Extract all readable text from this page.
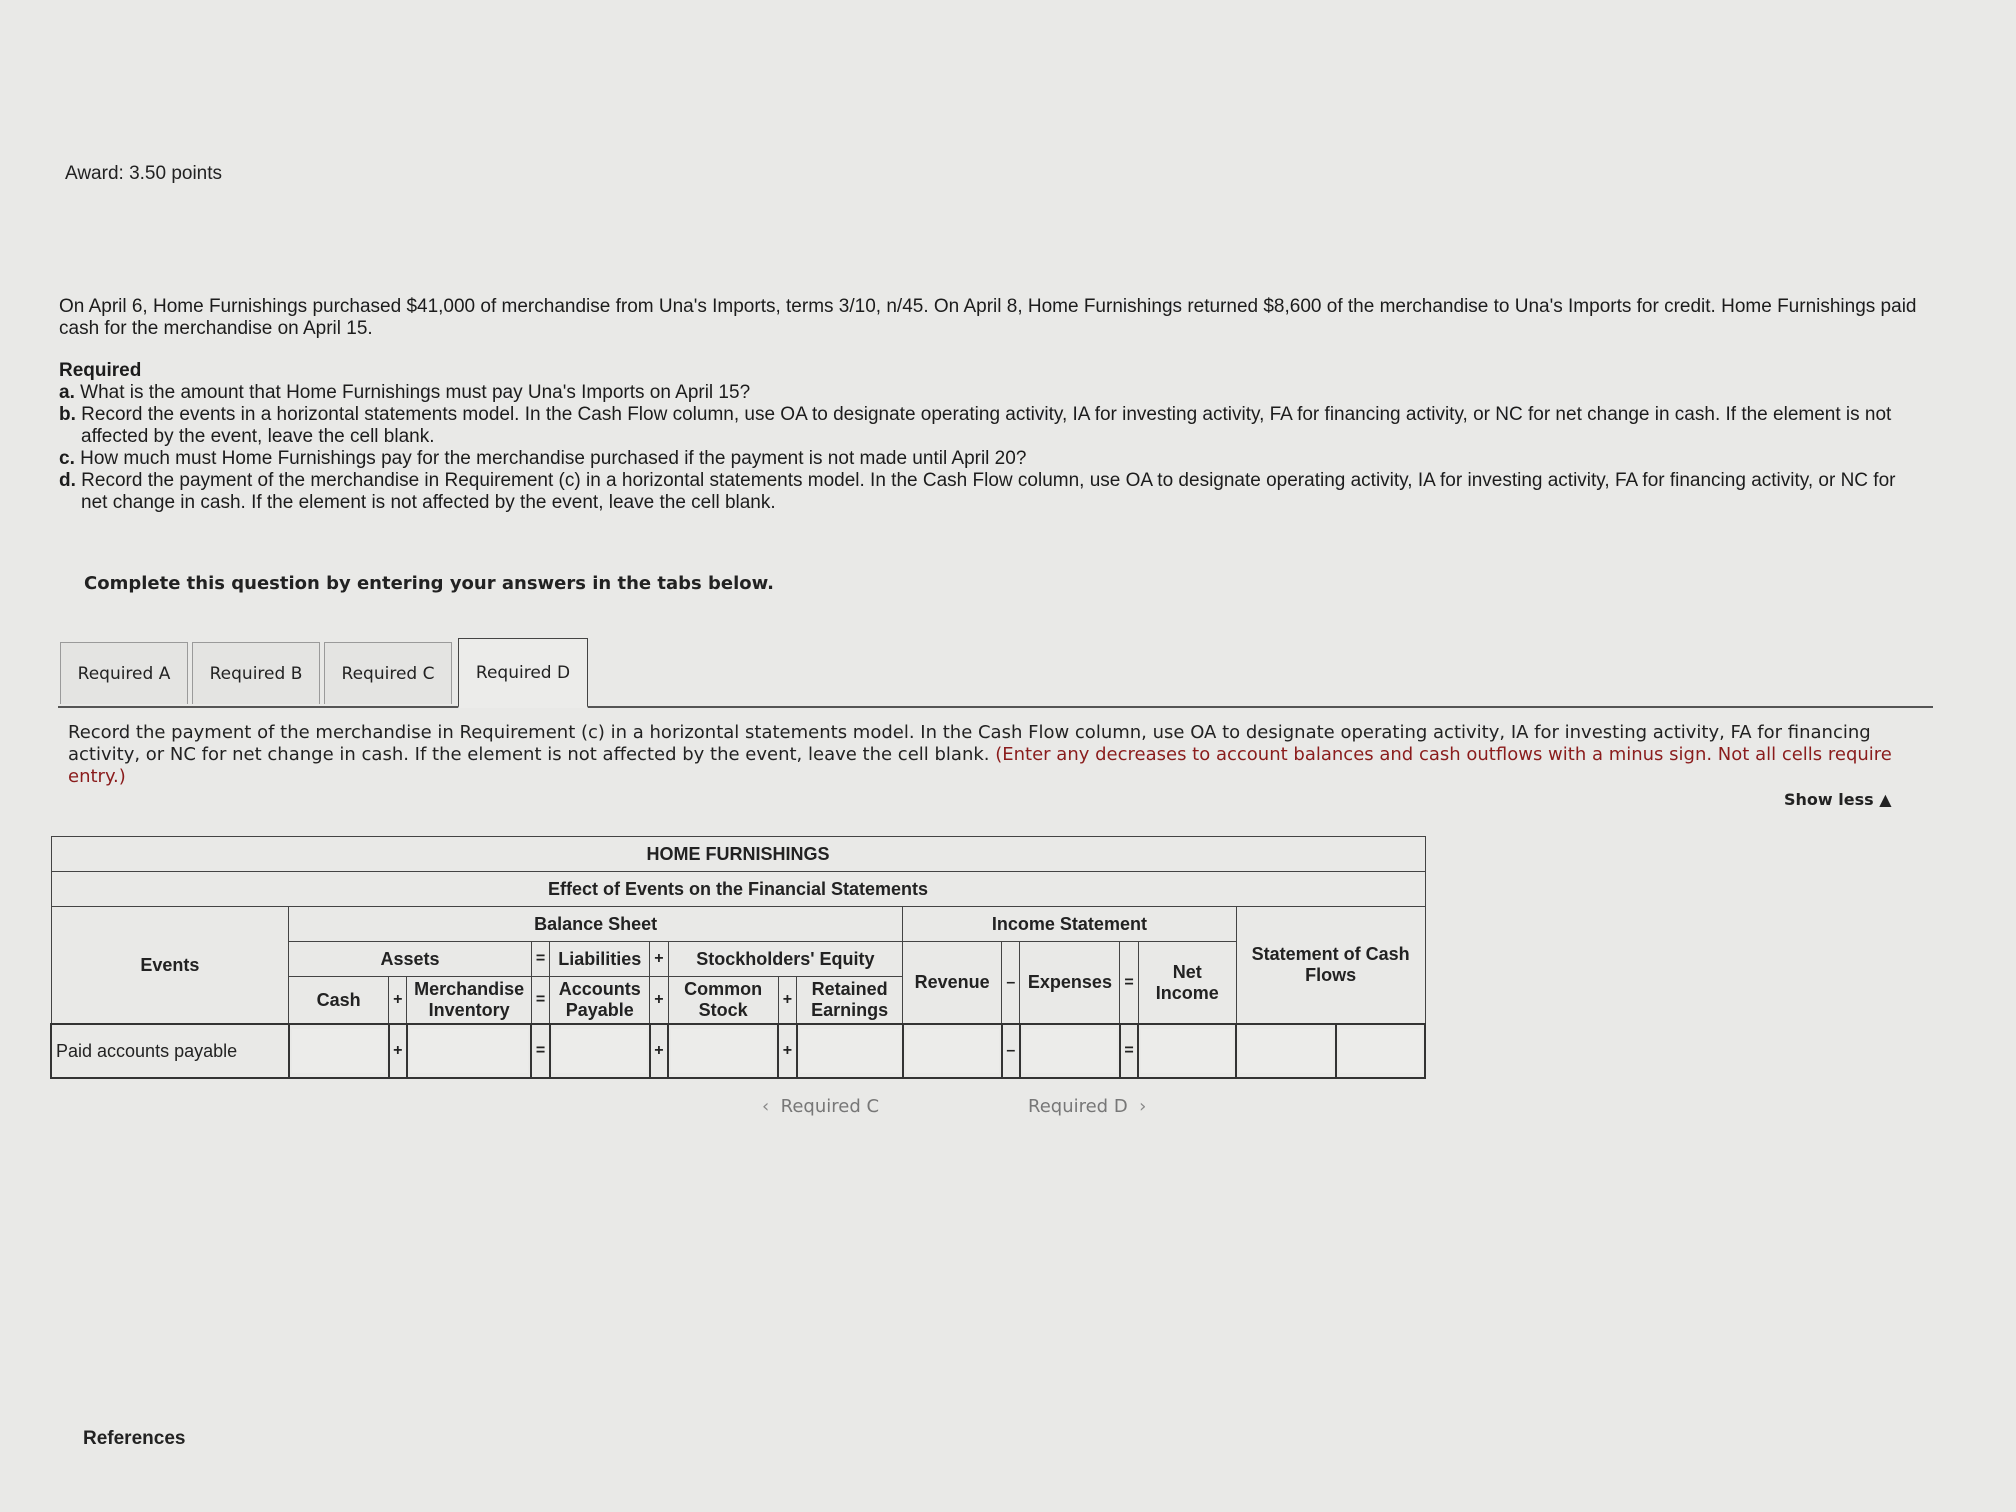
Award: 3.50 points

On April 6, Home Furnishings purchased $41,000 of merchandise from Una's Imports, terms 3/10, n/45. On April 8, Home Furnishings returned $8,600 of the merchandise to Una's Imports for credit. Home Furnishings paid cash for the merchandise on April 15.

Required
a. What is the amount that Home Furnishings must pay Una's Imports on April 15?
b. Record the events in a horizontal statements model. In the Cash Flow column, use OA to designate operating activity, IA for investing activity, FA for financing activity, or NC for net change in cash. If the element is not affected by the event, leave the cell blank.
c. How much must Home Furnishings pay for the merchandise purchased if the payment is not made until April 20?
d. Record the payment of the merchandise in Requirement (c) in a horizontal statements model. In the Cash Flow column, use OA to designate operating activity, IA for investing activity, FA for financing activity, or NC for net change in cash. If the element is not affected by the event, leave the cell blank.
Complete this question by entering your answers in the tabs below.
Required A	Required B	Required C	Required D
Record the payment of the merchandise in Requirement (c) in a horizontal statements model. In the Cash Flow column, use OA to designate operating activity, IA for investing activity, FA for financing activity, or NC for net change in cash. If the element is not affected by the event, leave the cell blank. (Enter any decreases to account balances and cash outflows with a minus sign. Not all cells require entry.)
Show less ▲
HOME FURNISHINGS																
Effect of Events on the Financial Statements																
Events	Balance Sheet									Income Statement					Statement of Cash Flows	
	Assets			=	Liabilities	+	Stockholders' Equity			Revenue	–	Expenses	=	Net Income		
	Cash	+	Merchandise Inventory	=	Accounts Payable	+	Common Stock	+	Retained Earnings							
Paid accounts payable		+		=		+		+			–		=			
‹ Required C	Required D ›
References
